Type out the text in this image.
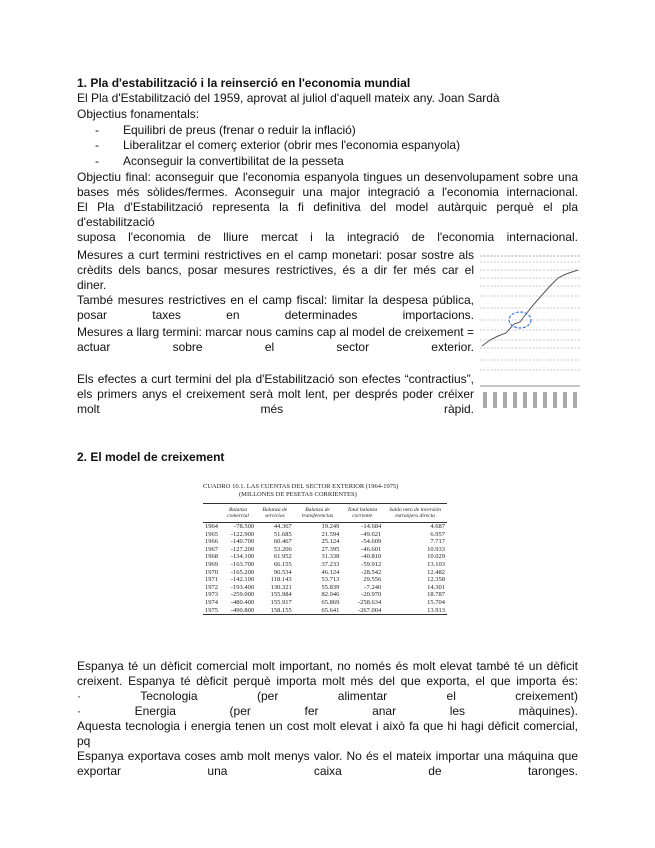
1. Pla d'estabilització i la reinserció en l'economia mundial
El Pla d'Estabilització del 1959, aprovat al juliol d'aquell mateix any. Joan Sardà
Objectius fonamentals:
- Equilibri de preus (frenar o reduir la inflació)
- Liberalitzar el comerç exterior (obrir mes l'economia espanyola)
- Aconseguir la convertibilitat de la pesseta
Objectiu final: aconseguir que l'economia espanyola tingues un desenvolupament sobre una
bases més sòlides/fermes. Aconseguir una major integració a l'economia internacional.
El Pla d'Estabilització representa la fi definitiva del model autàrquic perquè el pla d'estabilització
suposa l'economia de lliure mercat i la integració de l'economia internacional.
Mesures a curt termini restrictives en el camp monetari: posar sostre als
crèdits dels bancs, posar mesures restrictives, és a dir fer més car el diner.
També mesures restrictives en el camp fiscal: limitar la despesa pública,
posar taxes en determinades importacions.
Mesures a llarg termini: marcar nous camins cap al model de creixement =
actuar sobre el sector exterior.
Els efectes a curt termini del pla d'Estabilització son efectes “contractius”,
els primers anys el creixement serà molt lent, per després poder créixer
molt més ràpid.
2. El model de creixement
CUADRO 10.1. LAS CUENTAS DEL SECTOR EXTERIOR (1964-1975)
(MILLONES DE PESETAS CORRIENTES)
	Balanza comercial	Balanza de servicios	Balanza de transferencias	Total balanza corriente	Saldo neto de inversión extranjera directa
1964	-78.500	44.367	19.249	-14.684	4.687
1965	-122.900	51.685	21.594	-49.621	6.957
1966	-140.700	60.467	25.124	-54.609	7.717
1967	-127.200	53.206	27.395	-46.601	10.933
1968	-134.100	61.952	31.338	-40.810	10.029
1969	-163.700	66.155	37.233	-59.912	13.103
1970	-165.200	90.534	46.124	-28.542	12.482
1971	-142.100	118.143	53.713	29.556	12.358
1972	-193.400	130.321	55.839	-7.240	14.301
1973	-259.000	155.984	82.046	-20.970	18.787
1974	-480.400	155.917	65.869	-258.634	15.704
1975	-490.800	158.155	65.641	-267.004	13.913
Espanya té un dèficit comercial molt important, no només és molt elevat també té un dèficit
creixent. Espanya té dèficit perquè importa molt més del que exporta, el que importa és:
· Tecnologia (per alimentar el creixement)
· Energia (per fer anar les màquines).
Aquesta tecnologia i energia tenen un cost molt elevat i això fa que hi hagi dèficit comercial, pq
Espanya exportava coses amb molt menys valor. No és el mateix importar una máquina que
exportar una caixa de taronges.
